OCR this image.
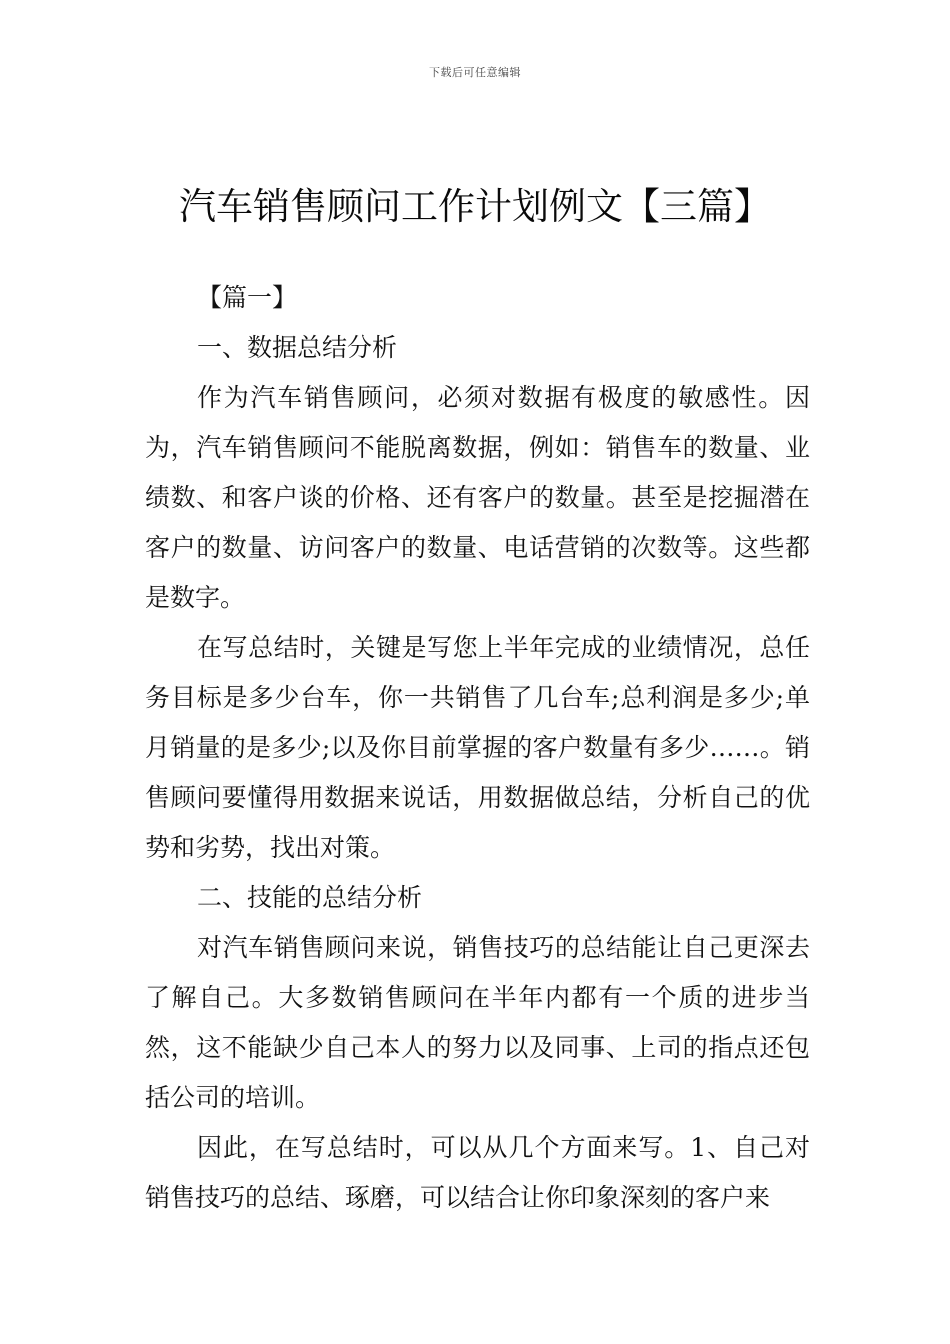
下载后可任意编辑
汽车销售顾问工作计划例文【三篇】

【篇一】

一、数据总结分析

作为汽车销售顾问，必须对数据有极度的敏感性。因为，汽车销售顾问不能脱离数据，例如：销售车的数量、业绩数、和客户谈的价格、还有客户的数量。甚至是挖掘潜在客户的数量、访问客户的数量、电话营销的次数等。这些都是数字。

在写总结时，关键是写您上半年完成的业绩情况，总任务目标是多少台车，你一共销售了几台车;总利润是多少;单月销量的是多少;以及你目前掌握的客户数量有多少……。销售顾问要懂得用数据来说话，用数据做总结，分析自己的优势和劣势，找出对策。

二、技能的总结分析

对汽车销售顾问来说，销售技巧的总结能让自己更深去了解自己。大多数销售顾问在半年内都有一个质的进步当然，这不能缺少自己本人的努力以及同事、上司的指点还包括公司的培训。

因此，在写总结时，可以从几个方面来写。1、自己对销售技巧的总结、琢磨，可以结合让你印象深刻的客户来
